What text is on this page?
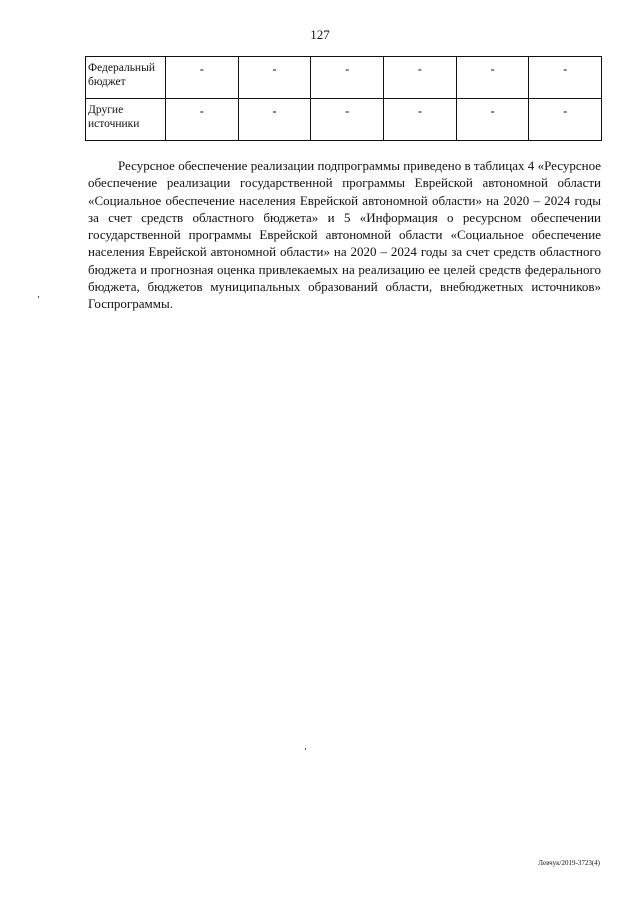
127
Федеральный бюджет	-	-	-	-	-	-
Другие источники	-	-	-	-	-	-

Ресурсное обеспечение реализации подпрограммы приведено в таблицах 4 «Ресурсное обеспечение реализации государственной программы Еврейской автономной области «Социальное обеспечение населения Еврейской автономной области» на 2020 – 2024 годы за счет средств областного бюджета» и 5 «Информация о ресурсном обеспечении государственной программы Еврейской автономной области «Социальное обеспечение населения Еврейской автономной области» на 2020 – 2024 годы за счет средств областного бюджета и прогнозная оценка привлекаемых на реализацию ее целей средств федерального бюджета, бюджетов муниципальных образований области, внебюджетных источников» Госпрограммы.

Левчук/2019-3723(4)
